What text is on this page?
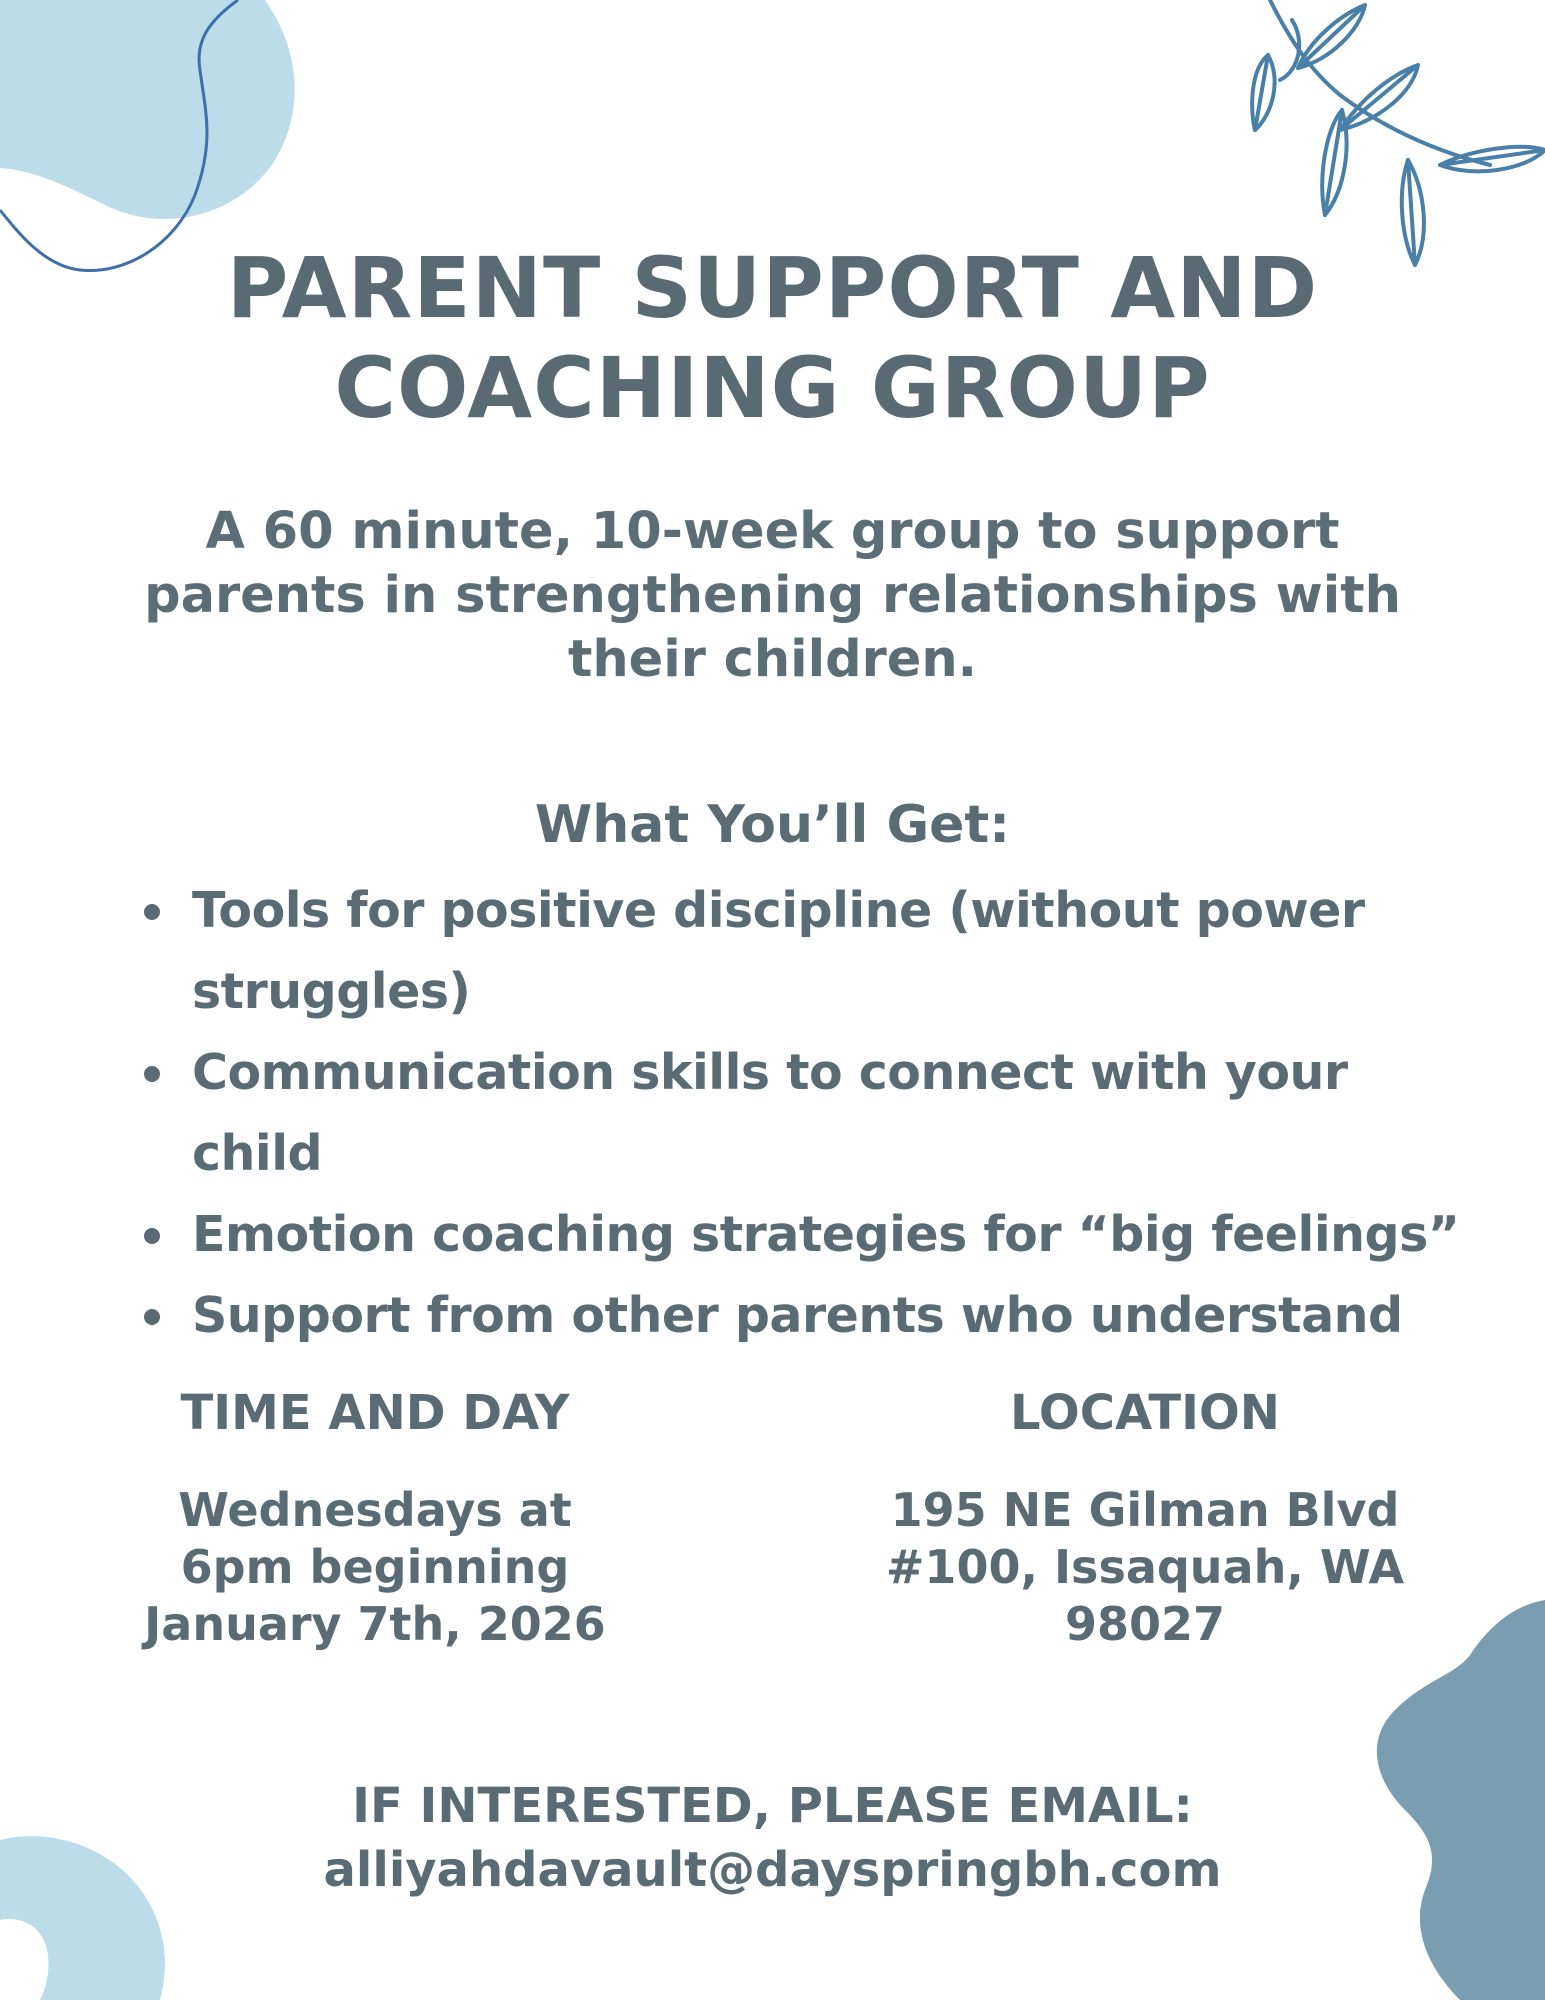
PARENT SUPPORT AND
COACHING GROUP

A 60 minute, 10-week group to support parents in strengthening relationships with their children.

What You’ll Get:
Tools for positive discipline (without power struggles)
Communication skills to connect with your child
Emotion coaching strategies for “big feelings”
Support from other parents who understand
TIME AND DAY

Wednesdays at
6pm beginning
January 7th, 2026

LOCATION

195 NE Gilman Blvd
#100, Issaquah, WA
98027

IF INTERESTED, PLEASE EMAIL:

alliyahdavault@dayspringbh.com
